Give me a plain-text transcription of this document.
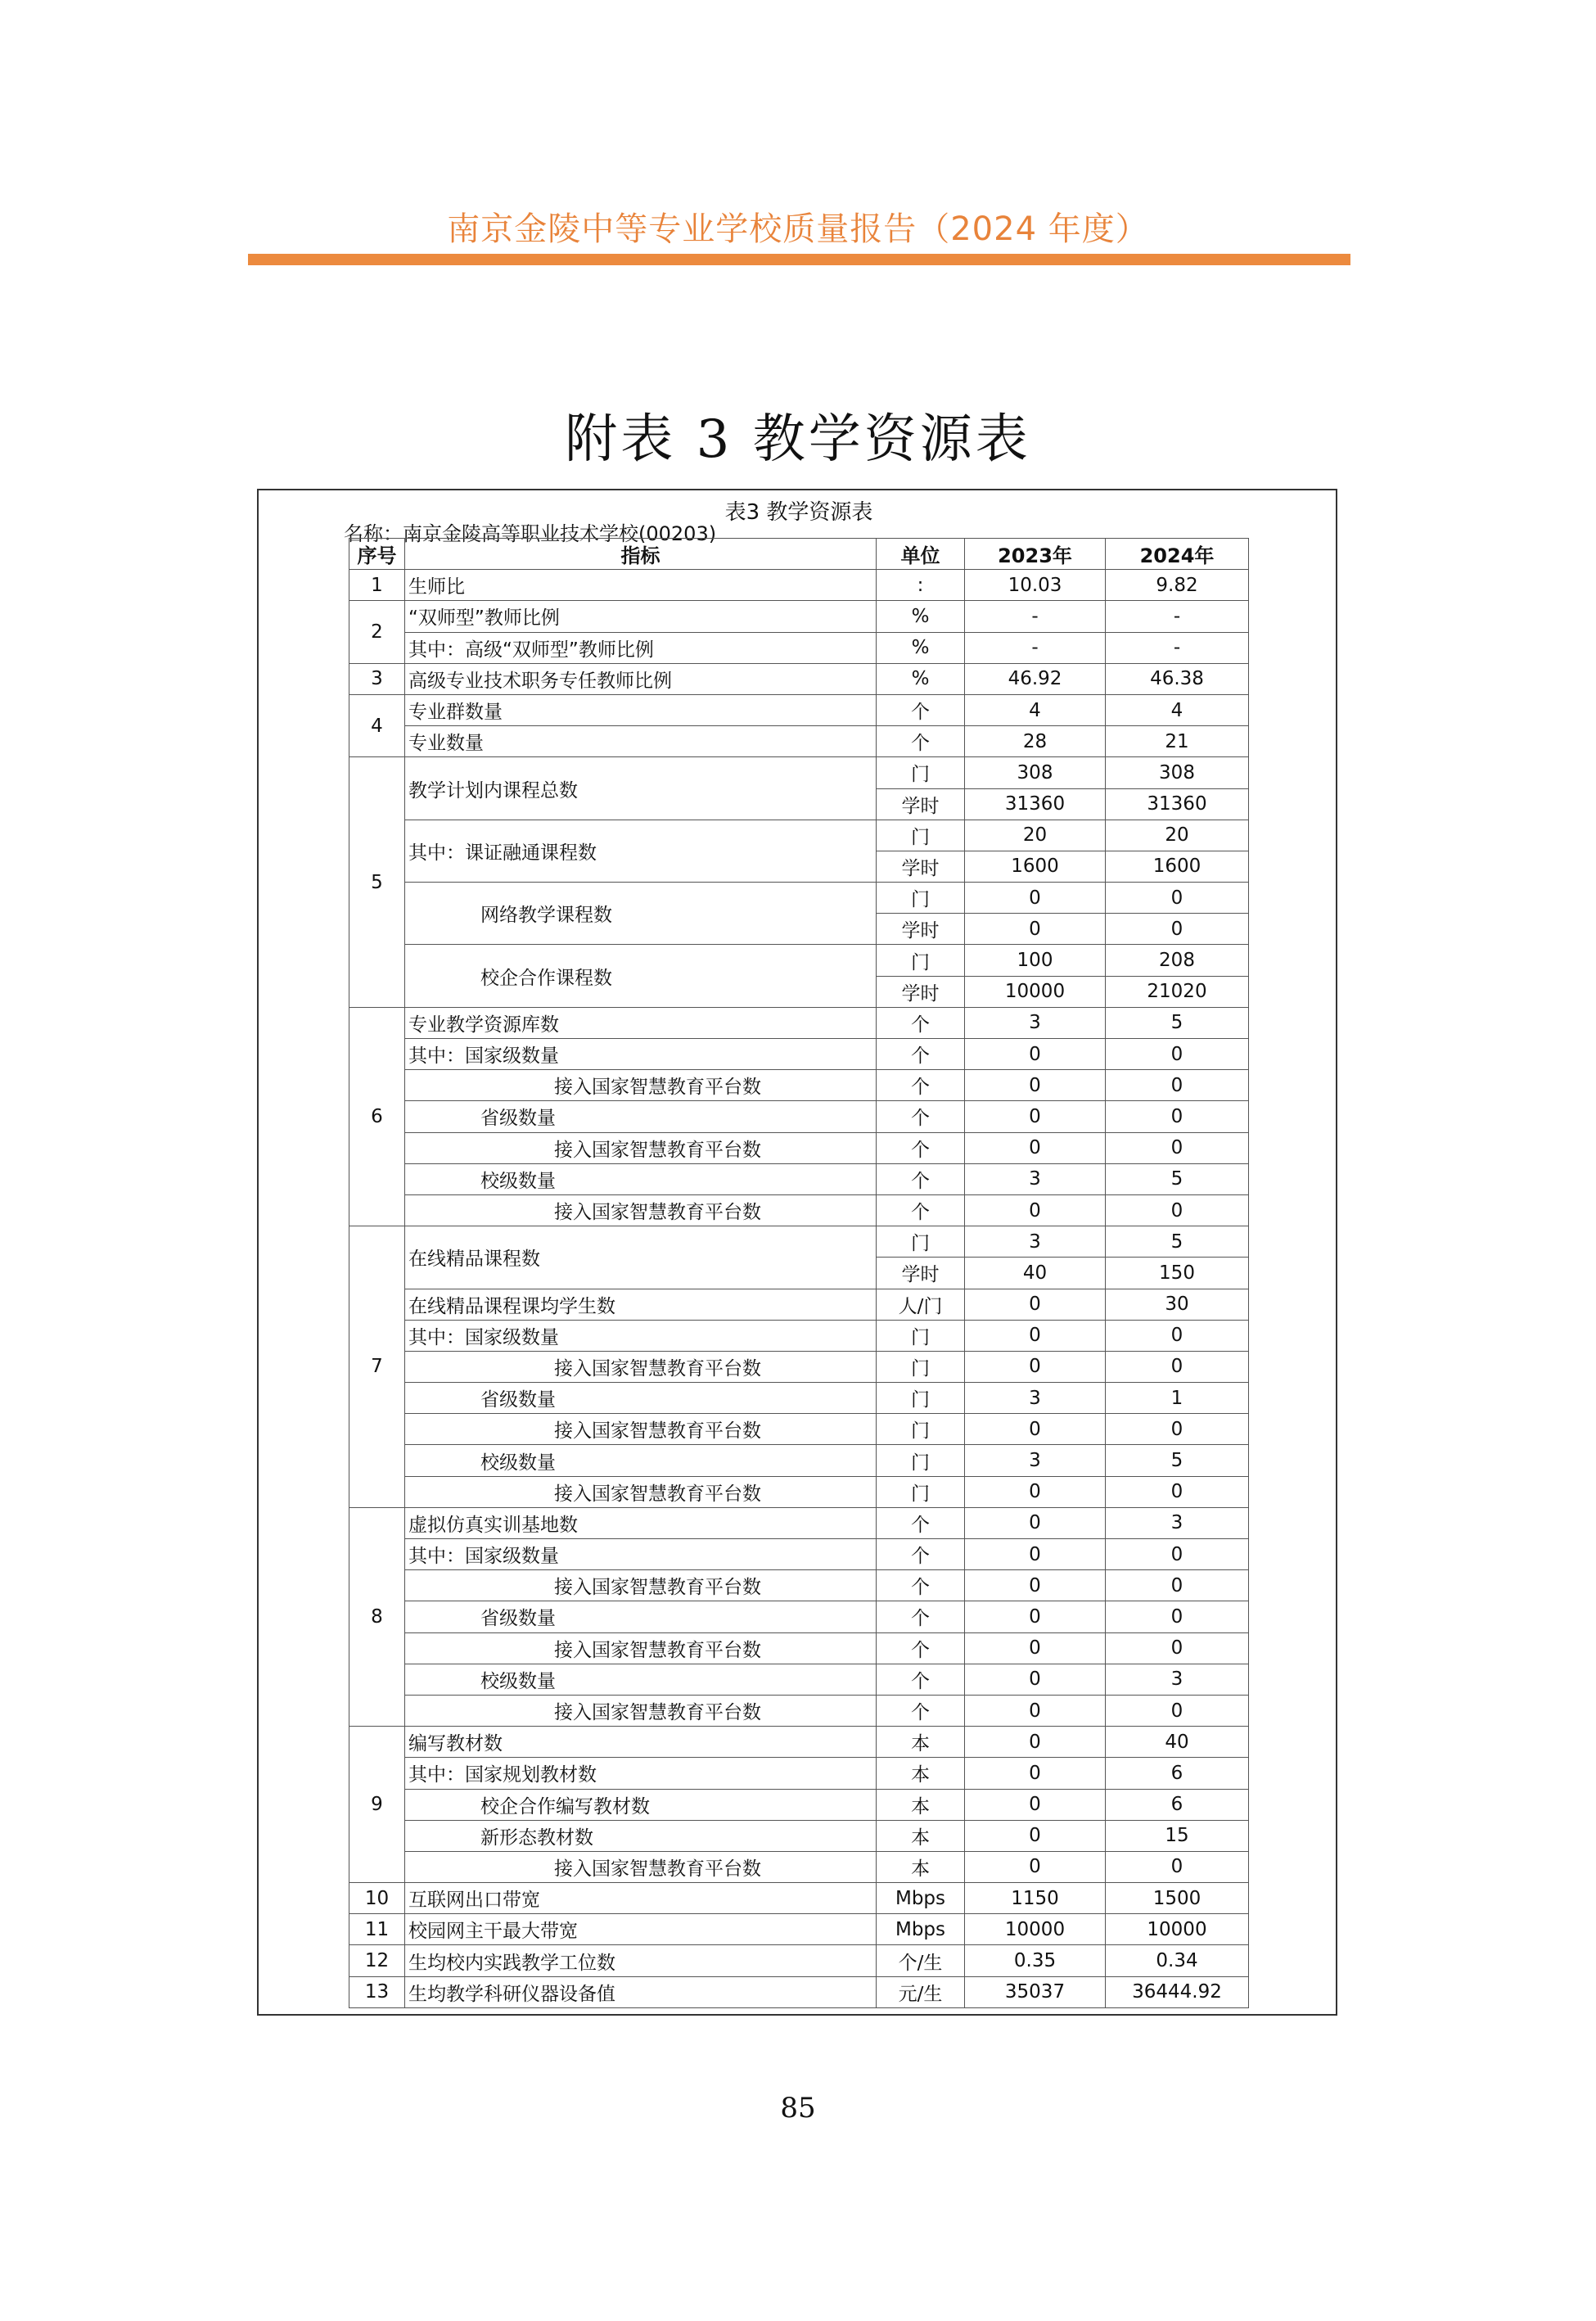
南京金陵中等专业学校质量报告（2024 年度）
附表 3 教学资源表
表3 教学资源表
名称：南京金陵高等职业技术学校(00203)
序号	指标	单位	2023年	2024年
1	生师比	:	10.03	9.82
2	“双师型”教师比例	%	-	-
	其中：高级“双师型”教师比例	%	-	-
3	高级专业技术职务专任教师比例	%	46.92	46.38
4	专业群数量	个	4	4
	专业数量	个	28	21
5	教学计划内课程总数	门	308	308
		学时	31360	31360
	其中：课证融通课程数	门	20	20
		学时	1600	1600
	网络教学课程数	门	0	0
		学时	0	0
	校企合作课程数	门	100	208
		学时	10000	21020
6	专业教学资源库数	个	3	5
	其中：国家级数量	个	0	0
	接入国家智慧教育平台数	个	0	0
	省级数量	个	0	0
	接入国家智慧教育平台数	个	0	0
	校级数量	个	3	5
	接入国家智慧教育平台数	个	0	0
7	在线精品课程数	门	3	5
		学时	40	150
	在线精品课程课均学生数	人/门	0	30
	其中：国家级数量	门	0	0
	接入国家智慧教育平台数	门	0	0
	省级数量	门	3	1
	接入国家智慧教育平台数	门	0	0
	校级数量	门	3	5
	接入国家智慧教育平台数	门	0	0
8	虚拟仿真实训基地数	个	0	3
	其中：国家级数量	个	0	0
	接入国家智慧教育平台数	个	0	0
	省级数量	个	0	0
	接入国家智慧教育平台数	个	0	0
	校级数量	个	0	3
	接入国家智慧教育平台数	个	0	0
9	编写教材数	本	0	40
	其中：国家规划教材数	本	0	6
	校企合作编写教材数	本	0	6
	新形态教材数	本	0	15
	接入国家智慧教育平台数	本	0	0
10	互联网出口带宽	Mbps	1150	1500
11	校园网主干最大带宽	Mbps	10000	10000
12	生均校内实践教学工位数	个/生	0.35	0.34
13	生均教学科研仪器设备值	元/生	35037	36444.92
85
